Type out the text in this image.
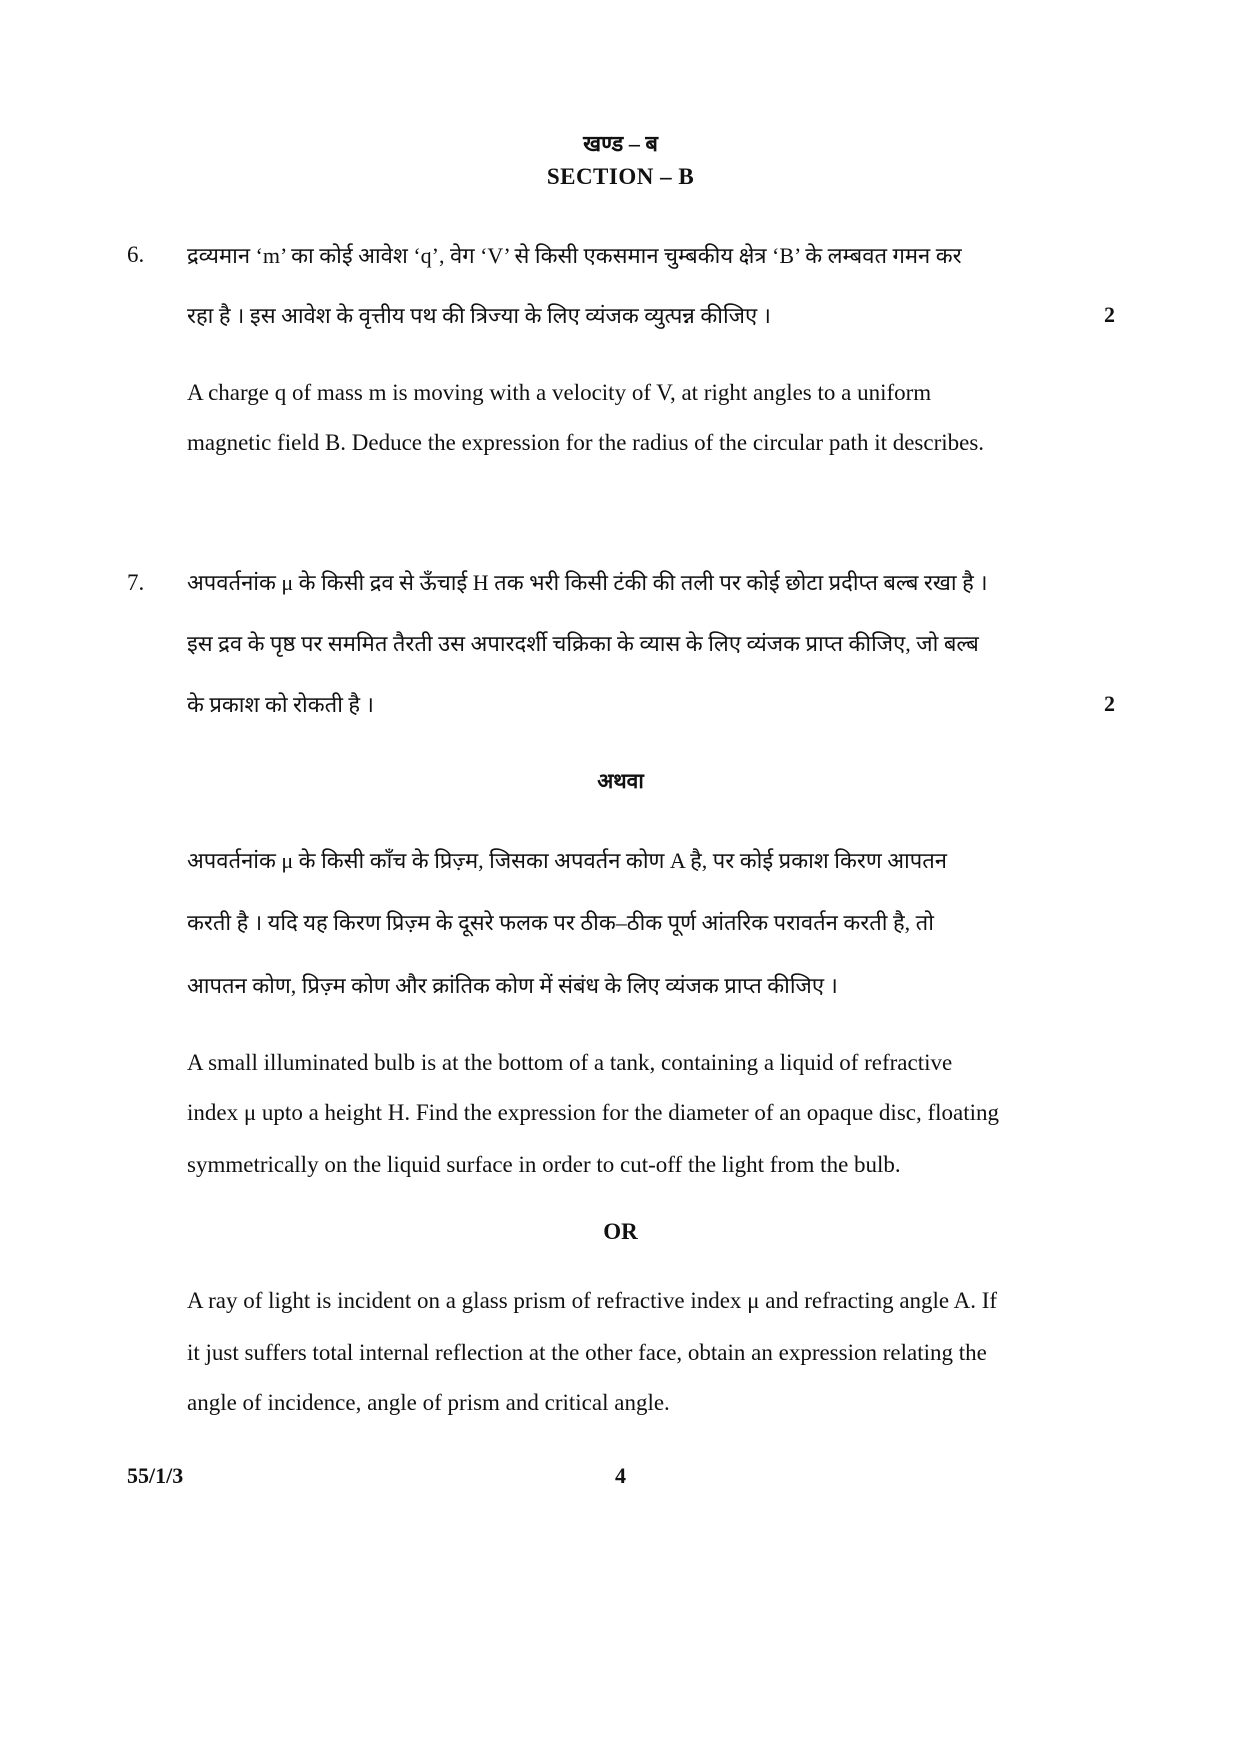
खण्ड – ब
SECTION – B
6. द्रव्यमान ‘m’ का कोई आवेश ‘q’, वेग ‘V’ से किसी एकसमान चुम्बकीय क्षेत्र ‘B’ के लम्बवत गमन कर
रहा है । इस आवेश के वृत्तीय पथ की त्रिज्या के लिए व्यंजक व्युत्पन्न कीजिए ।	2
A charge q of mass m is moving with a velocity of V, at right angles to a uniform
magnetic field B. Deduce the expression for the radius of the circular path it describes.
7. अपवर्तनांक μ के किसी द्रव से ऊँचाई H तक भरी किसी टंकी की तली पर कोई छोटा प्रदीप्त बल्ब रखा है ।
इस द्रव के पृष्ठ पर सममित तैरती उस अपारदर्शी चक्रिका के व्यास के लिए व्यंजक प्राप्त कीजिए, जो बल्ब
के प्रकाश को रोकती है ।	2
अथवा
अपवर्तनांक μ के किसी काँच के प्रिज़्म, जिसका अपवर्तन कोण A है, पर कोई प्रकाश किरण आपतन
करती है । यदि यह किरण प्रिज़्म के दूसरे फलक पर ठीक–ठीक पूर्ण आंतरिक परावर्तन करती है, तो
आपतन कोण, प्रिज़्म कोण और क्रांतिक कोण में संबंध के लिए व्यंजक प्राप्त कीजिए ।
A small illuminated bulb is at the bottom of a tank, containing a liquid of refractive
index μ upto a height H. Find the expression for the diameter of an opaque disc, floating
symmetrically on the liquid surface in order to cut-off the light from the bulb.
OR
A ray of light is incident on a glass prism of refractive index μ and refracting angle A. If
it just suffers total internal reflection at the other face, obtain an expression relating the
angle of incidence, angle of prism and critical angle.
55/1/3	4
